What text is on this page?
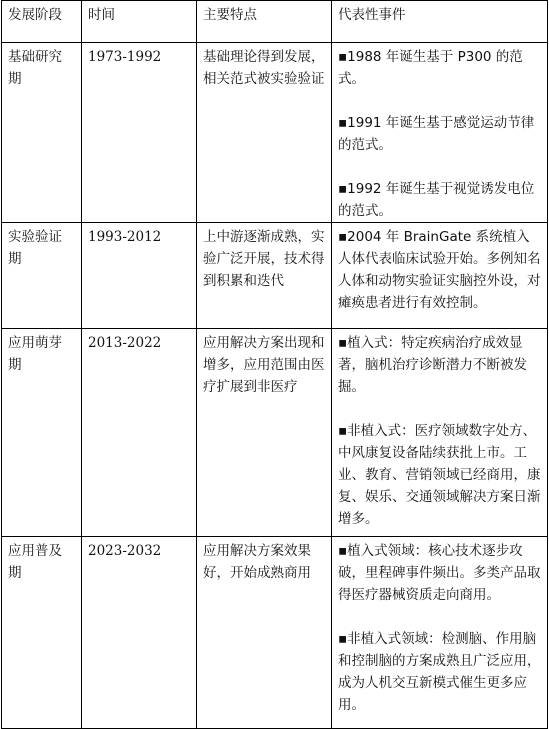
发展阶段	时间	主要特点	代表性事件
基础研究期	1973-1992	基础理论得到发展，相关范式被实验验证	▪1988 年诞生基于 P300 的范式。

▪1991 年诞生基于感觉运动节律的范式。

▪1992 年诞生基于视觉诱发电位的范式。

实验验证期	1993-2012	上中游逐渐成熟，实验广泛开展，技术得到积累和迭代	▪2004 年 BrainGate 系统植入人体代表临床试验开始。多例知名人体和动物实验证实脑控外设，对瘫痪患者进行有效控制。

应用萌芽期	2013-2022	应用解决方案出现和增多，应用范围由医疗扩展到非医疗	▪植入式：特定疾病治疗成效显著，脑机治疗诊断潜力不断被发掘。

▪非植入式：医疗领域数字处方、中风康复设备陆续获批上市。工业、教育、营销领域已经商用，康复、娱乐、交通领域解决方案日渐增多。

应用普及期	2023-2032	应用解决方案效果好，开始成熟商用	▪植入式领域：核心技术逐步攻破，里程碑事件频出。多类产品取得医疗器械资质走向商用。

▪非植入式领域：检测脑、作用脑和控制脑的方案成熟且广泛应用，成为人机交互新模式催生更多应用。
